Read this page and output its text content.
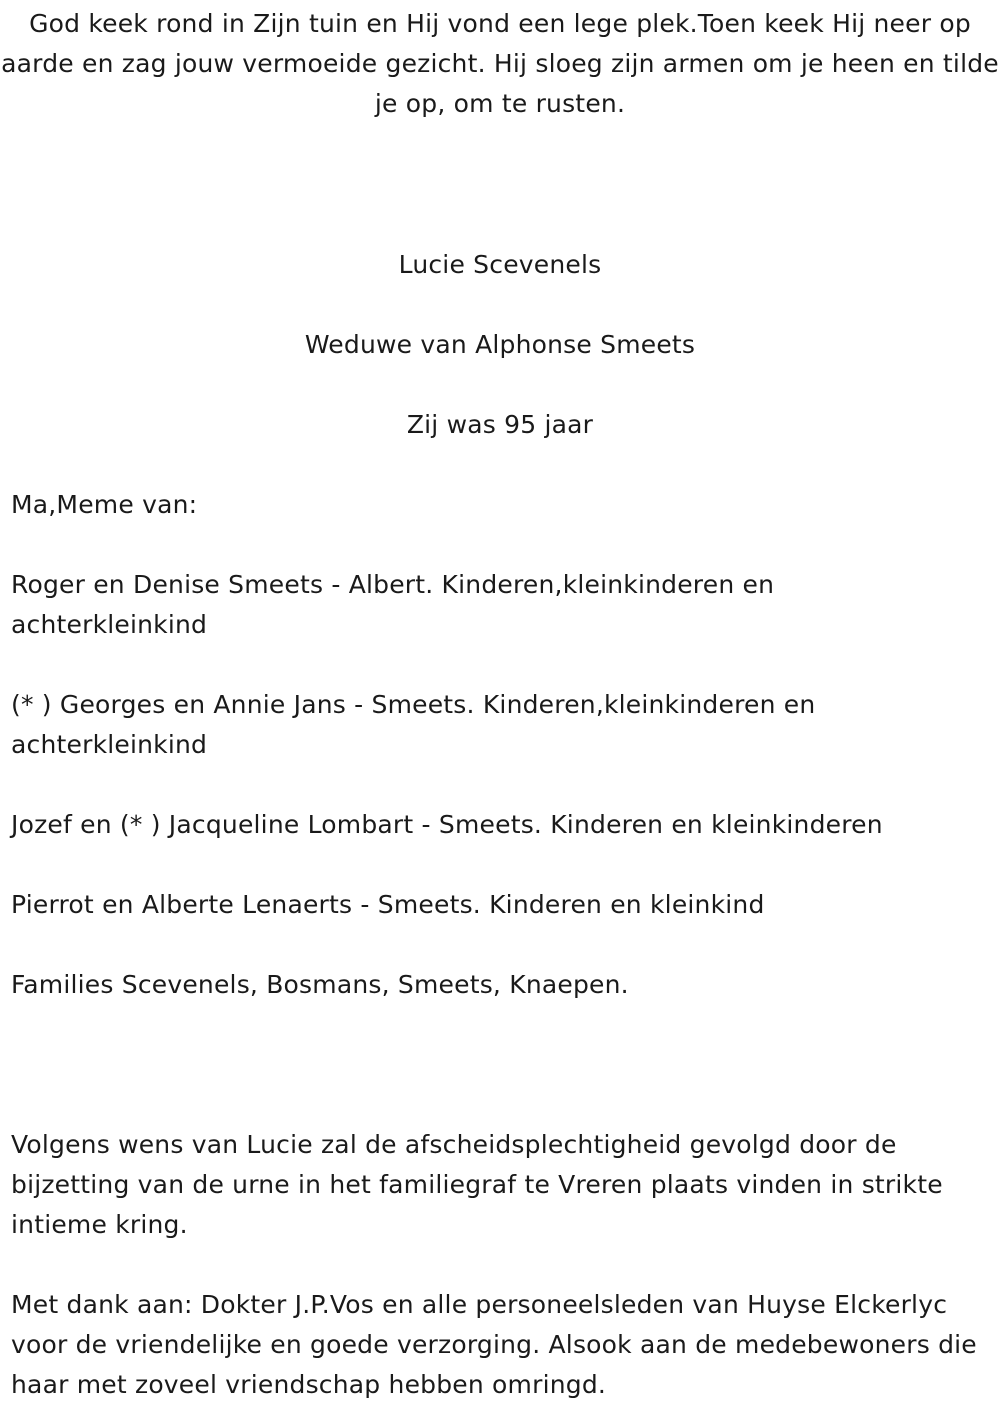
God keek rond in Zijn tuin en Hij vond een lege plek.Toen keek Hij neer op aarde en zag jouw vermoeide gezicht. Hij sloeg zijn armen om je heen en tilde je op, om te rusten.

Lucie Scevenels

Weduwe van Alphonse Smeets

Zij was 95 jaar

Ma,Meme van:

Roger en Denise Smeets - Albert. Kinderen,kleinkinderen en achterkleinkind

(* ) Georges en Annie Jans - Smeets. Kinderen,kleinkinderen en achterkleinkind

Jozef en (* ) Jacqueline Lombart - Smeets. Kinderen en kleinkinderen

Pierrot en Alberte Lenaerts - Smeets. Kinderen en kleinkind

Families Scevenels, Bosmans, Smeets, Knaepen.

Volgens wens van Lucie zal de afscheidsplechtigheid gevolgd door de bijzetting van de urne in het familiegraf te Vreren plaats vinden in strikte intieme kring.

Met dank aan: Dokter J.P.Vos en alle personeelsleden van Huyse Elckerlyc voor de vriendelijke en goede verzorging. Alsook aan de medebewoners die haar met zoveel vriendschap hebben omringd.
